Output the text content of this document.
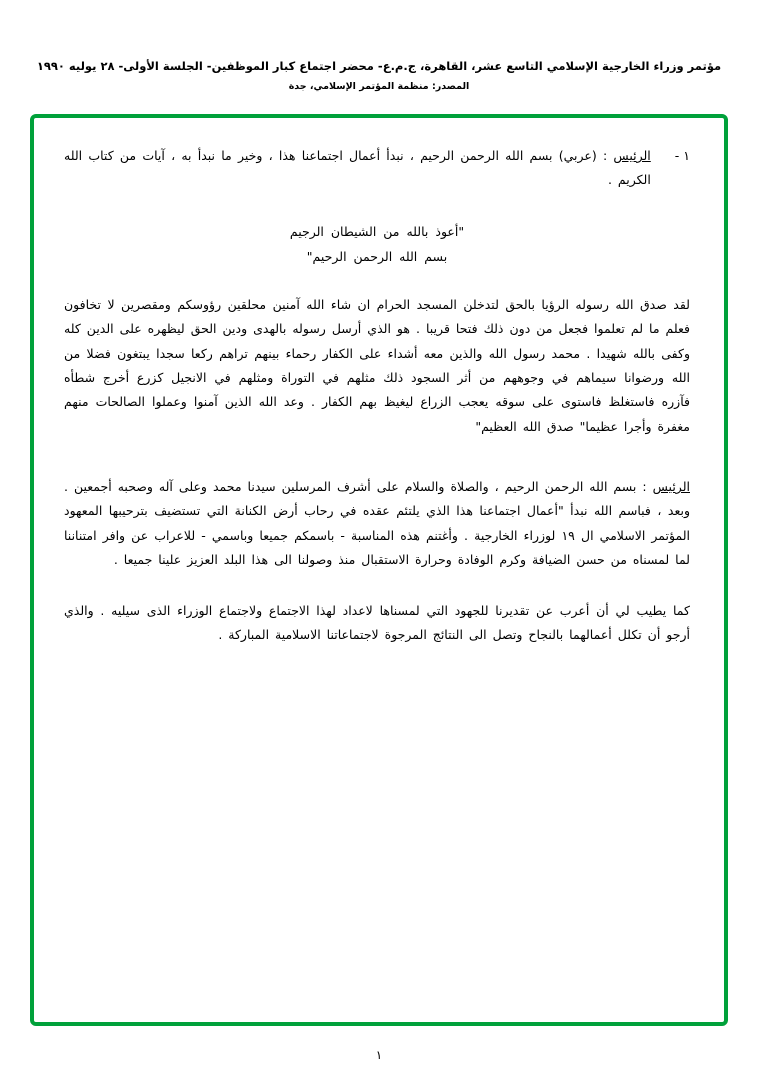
مؤتمر وزراء الخارجية الإسلامي التاسع عشر، القاهرة، ج.م.ع- محضر اجتماع كبار الموظفين- الجلسة الأولى- ٢٨ يوليه ١٩٩٠
المصدر: منظمة المؤتمر الإسلامي، جدة
١ -
الرئيس : (عربي) بسم الله الرحمن الرحيم ، نبدأ أعمال اجتماعنا هذا ، وخير ما نبدأ به ، آيات من كتاب الله الكريم .
"أعوذ بالله من الشيطان الرجيم
بسم الله الرحمن الرحيم"
لقد صدق الله رسوله الرؤيا بالحق لتدخلن المسجد الحرام ان شاء الله آمنين محلقين رؤوسكم ومقصرين لا تخافون فعلم ما لم تعلموا فجعل من دون ذلك فتحا قريبا . هو الذي أرسل رسوله بالهدى ودين الحق ليظهره على الدين كله وكفى بالله شهيدا . محمد رسول الله والذين معه أشداء على الكفار رحماء بينهم تراهم ركعا سجدا يبتغون فضلا من الله ورضوانا سيماهم في وجوههم من أثر السجود ذلك مثلهم في التوراة ومثلهم في الانجيل كزرع أخرج شطأه فآزره فاستغلظ فاستوى على سوقه يعجب الزراع ليغيظ بهم الكفار . وعد الله الذين آمنوا وعملوا الصالحات منهم مغفرة وأجرا عظيما" صدق الله العظيم"
الرئيس : بسم الله الرحمن الرحيم ، والصلاة والسلام على أشرف المرسلين سيدنا محمد وعلى آله وصحبه أجمعين . وبعد ، فباسم الله نبدأ "أعمال اجتماعنا هذا الذي يلتئم عقده في رحاب أرض الكنانة التي تستضيف بترحيبها المعهود المؤتمر الاسلامي ال ١٩ لوزراء الخارجية . وأغتنم هذه المناسبة - باسمكم جميعا وباسمي - للاعراب عن وافر امتناننا لما لمسناه من حسن الضيافة وكرم الوفادة وحرارة الاستقبال منذ وصولنا الى هذا البلد العزيز علينا جميعا .
كما يطيب لي أن أعرب عن تقديرنا للجهود التي لمسناها لاعداد لهذا الاجتماع ولاجتماع الوزراء الذى سيليه . والذي أرجو أن تكلل أعمالهما بالنجاح وتصل الى النتائج المرجوة لاجتماعاتنا الاسلامية المباركة .
١
